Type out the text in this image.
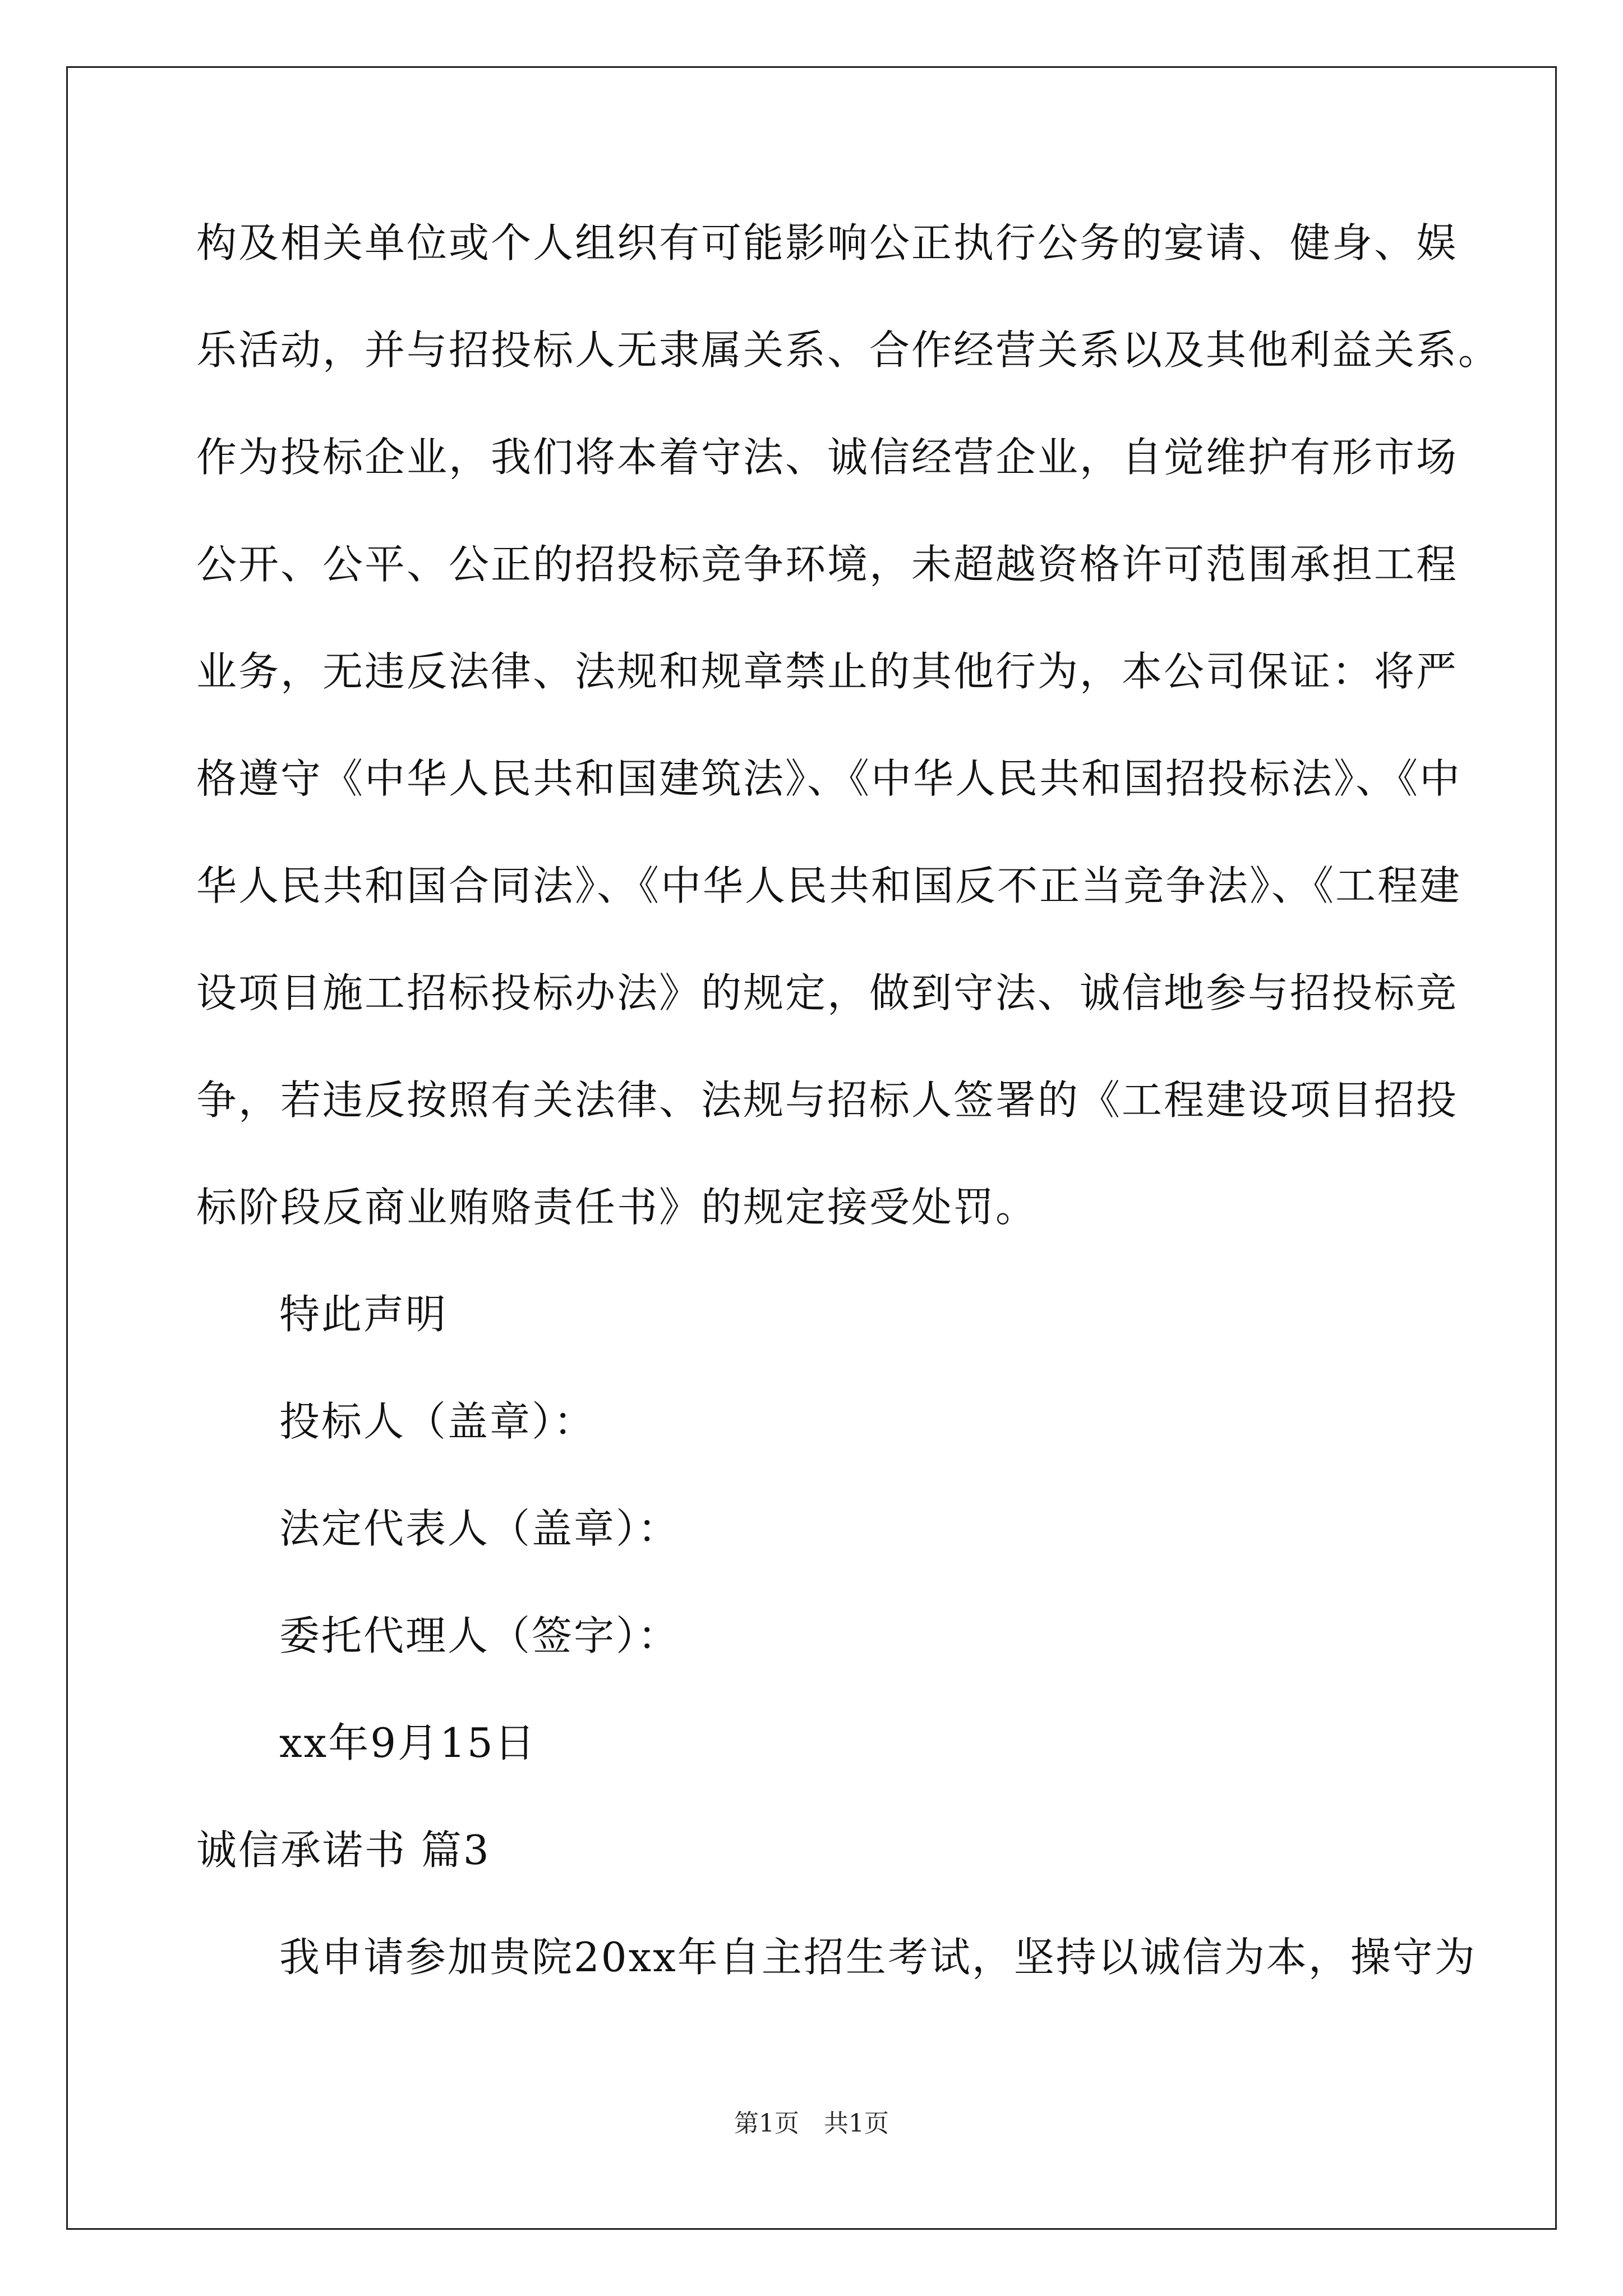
构及相关单位或个人组织有可能影响公正执行公务的宴请、健身、娱
乐活动，并与招投标人无隶属关系、合作经营关系以及其他利益关系。
作为投标企业，我们将本着守法、诚信经营企业，自觉维护有形市场
公开、公平、公正的招投标竞争环境，未超越资格许可范围承担工程
业务，无违反法律、法规和规章禁止的其他行为，本公司保证：将严
格遵守《中华人民共和国建筑法》、《中华人民共和国招投标法》、《中
华人民共和国合同法》、《中华人民共和国反不正当竞争法》、《工程建
设项目施工招标投标办法》的规定，做到守法、诚信地参与招投标竞
争，若违反按照有关法律、法规与招标人签署的《工程建设项目招投
标阶段反商业贿赂责任书》的规定接受处罚。
特此声明
投标人（盖章）：
法定代表人（盖章）：
委托代理人（签字）：
xx年9月15日
诚信承诺书 篇3
我申请参加贵院20xx年自主招生考试，坚持以诚信为本，操守为
第1页　共1页
